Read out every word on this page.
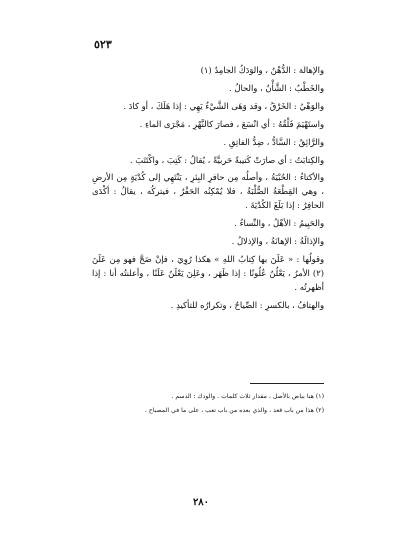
٥٢٣

والإهالة : الدُّهْنُ ، والوَدَكُ الجامِدُ (١)

والخَطْبُ : الشَّأْنُ ، والحالُ .

والوَهْيُ : الخَرْقُ ، وقد وَهَى الشَّيْءُ يَهِي : إذا هَلَكَ ، أو كادَ .

واستَهْيَمَ فَلْقُهُ : أي انْسَعَ ، فصارَ كالنَّهْرِ ، مَجْرَى الماءِ .

والرَّائِقُ : السَّادُّ ، ضِدُّ الفاتِقِ .

والكِتابَتُ : أي صارَتْ كَتيبةً حَربيَّةً ، يُقالُ : كَتِبَ ، واكْتَتَبَ .

والأكتاءُ : الحُبْيَةُ ، وأصلُه مِن حافرِ البِئرِ ، يَنْتَهِي إلى كُدْيَةٍ مِن الأرضِ ، وهي القِطْعَةُ الصُّلْبَةُ ، فلا يُمْكِنُه الحَفْرُ ، فيتركُه ، يقالُ : أكْدَى الحافِرُ : إذا بَلَغَ الكُدْيَةَ .

والحَيِيمُ : الأهْلُ ، والنِّساءُ .

والإذالَةُ : الإهانَةُ ، والإذلالُ .

وقولُها : « عَلَنَ بها كِتابُ اللهِ » هكذا رُوِيَ ، فإنْ صَحَّ فهو مِن عَلَنَ (٢) الأمرُ ، يَعْلُنُ عُلُونًا : إذا ظَهَر ، وعَلِنَ يَعْلَنُ عَلَنًا ، وأعلنتُه أنا : إذا أظهرتُه .

والهتافُ ، بالكسرِ : الصِّياحُ ، وتكرارُه للتأكيدِ .

(١) هنا بياض بالأصل ، مقدار ثلاث كلمات . والودك : الدسم .

(٢) هذا من باب قعد ، والذي بعده من باب تعب ، على ما في المصباح .

٢٨٠
